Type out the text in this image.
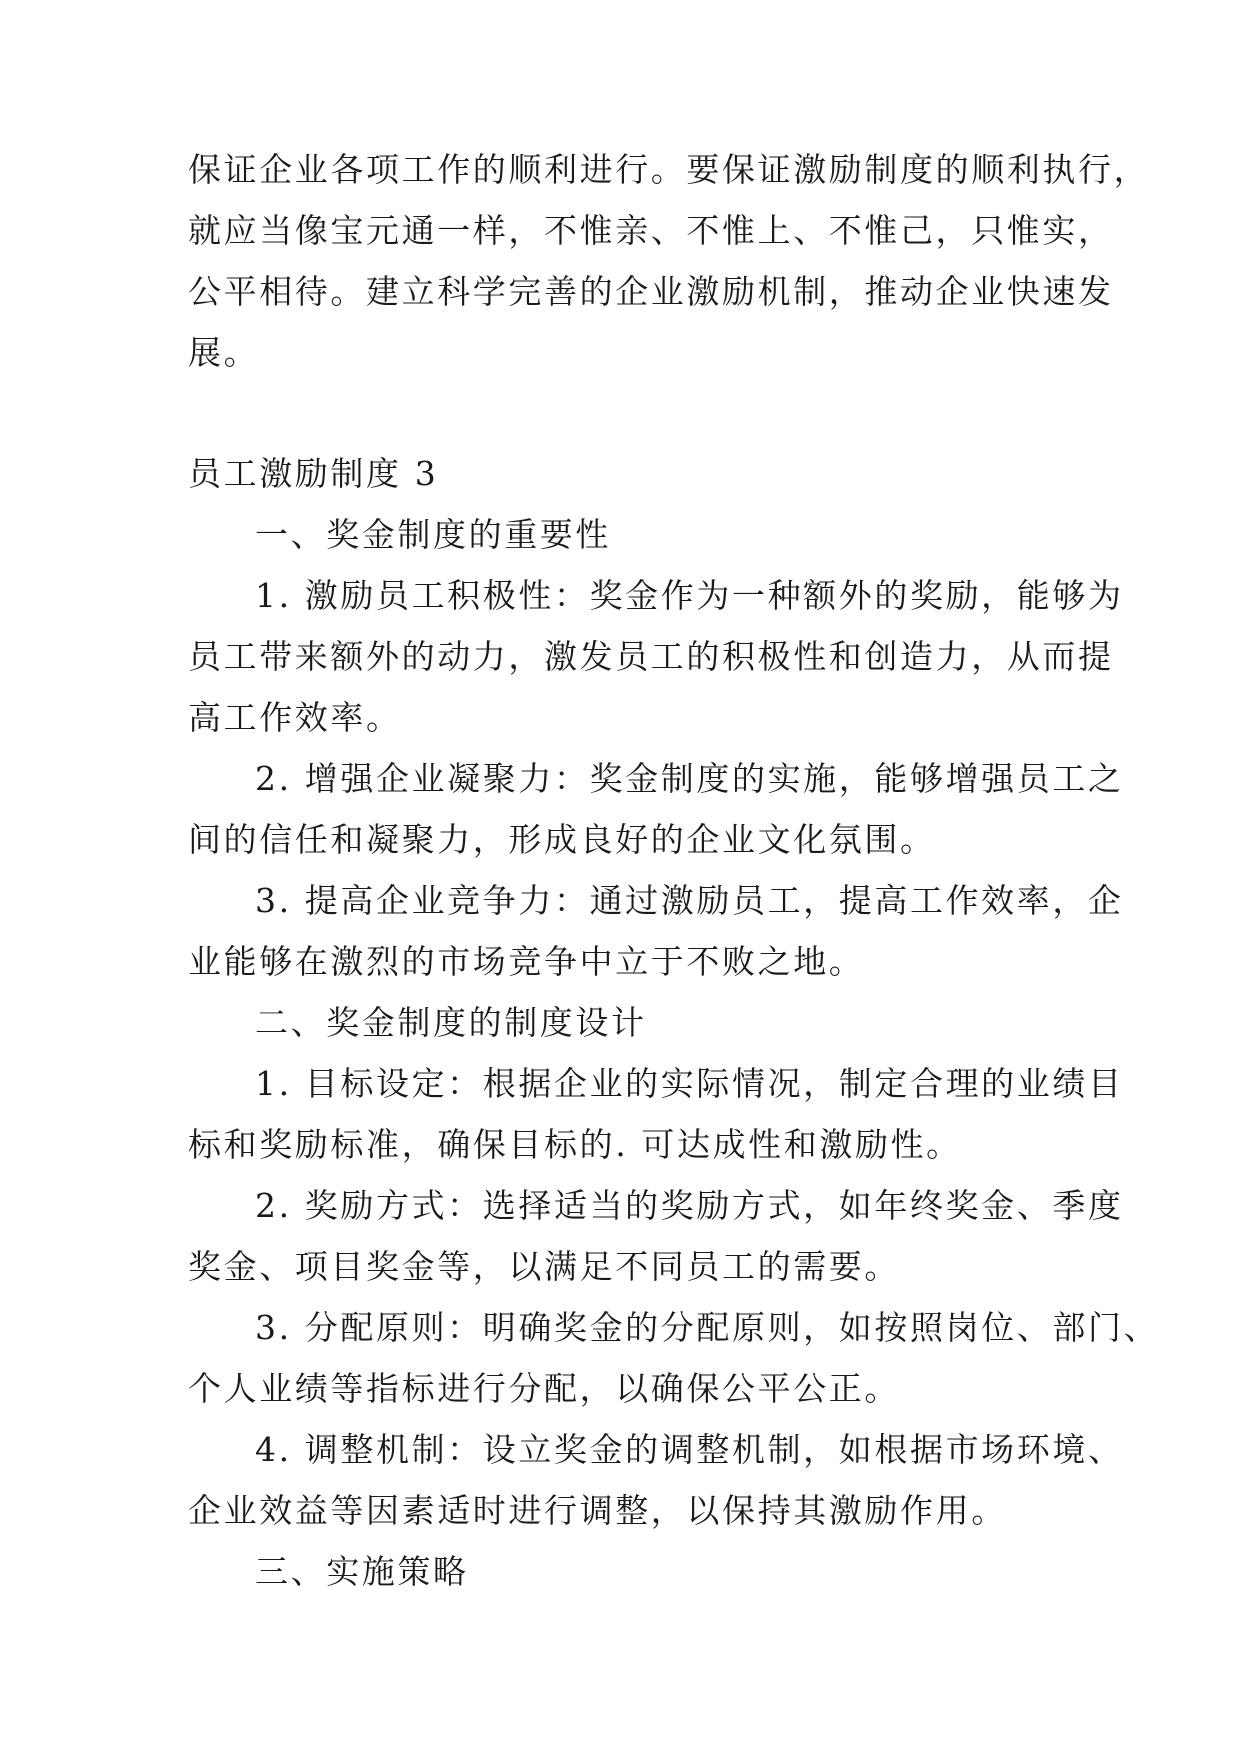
保证企业各项工作的顺利进行。要保证激励制度的顺利执行，
就应当像宝元通一样，不惟亲、不惟上、不惟己，只惟实，
公平相待。建立科学完善的企业激励机制，推动企业快速发
展。
员工激励制度 3
一、奖金制度的重要性
1. 激励员工积极性：奖金作为一种额外的奖励，能够为
员工带来额外的动力，激发员工的积极性和创造力，从而提
高工作效率。
2. 增强企业凝聚力：奖金制度的实施，能够增强员工之
间的信任和凝聚力，形成良好的企业文化氛围。
3. 提高企业竞争力：通过激励员工，提高工作效率，企
业能够在激烈的市场竞争中立于不败之地。
二、奖金制度的制度设计
1. 目标设定：根据企业的实际情况，制定合理的业绩目
标和奖励标准，确保目标的. 可达成性和激励性。
2. 奖励方式：选择适当的奖励方式，如年终奖金、季度
奖金、项目奖金等，以满足不同员工的需要。
3. 分配原则：明确奖金的分配原则，如按照岗位、部门、
个人业绩等指标进行分配，以确保公平公正。
4. 调整机制：设立奖金的调整机制，如根据市场环境、
企业效益等因素适时进行调整，以保持其激励作用。
三、实施策略
